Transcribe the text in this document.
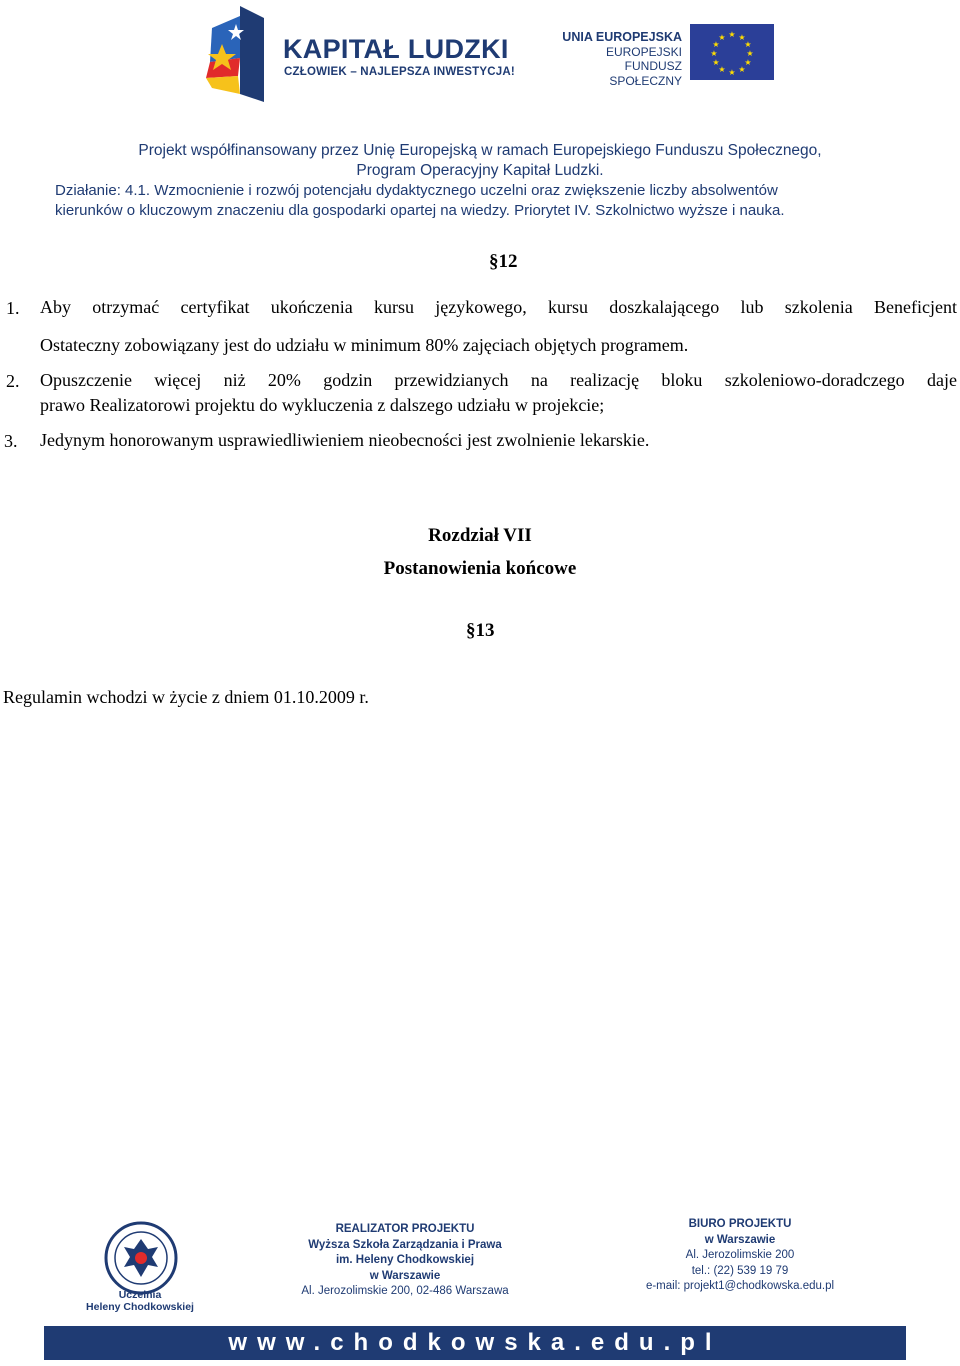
KAPITAŁ LUDZKI
CZŁOWIEK – NAJLEPSZA INWESTYCJA!
UNIA EUROPEJSKA
EUROPEJSKI
FUNDUSZ SPOŁECZNY
★ ★
★
★
★
★
★
★
★
★
★
★
Projekt współfinansowany przez Unię Europejską w ramach Europejskiego Funduszu Społecznego,
Program Operacyjny Kapitał Ludzki.
Działanie: 4.1. Wzmocnienie i rozwój potencjału dydaktycznego uczelni oraz zwiększenie liczby absolwentów
kierunków o kluczowym znaczeniu dla gospodarki opartej na wiedzy. Priorytet IV. Szkolnictwo wyższe i nauka.
§12
1. Aby otrzymać certyfikat ukończenia kursu językowego, kursu doszkalającego lub szkolenia Beneficjent
Ostateczny zobowiązany jest do udziału w minimum 80% zajęciach objętych programem.
2. Opuszczenie więcej niż 20% godzin przewidzianych na realizację bloku szkoleniowo-doradczego daje
prawo Realizatorowi projektu do wykluczenia z dalszego udziału w projekcie;
3. Jedynym honorowanym usprawiedliwieniem nieobecności jest zwolnienie lekarskie.
Rozdział VII
Postanowienia końcowe
§13
Regulamin wchodzi w życie z dniem 01.10.2009 r.
Uczelnia
Heleny Chodkowskiej
REALIZATOR PROJEKTU
Wyższa Szkoła Zarządzania i Prawa
im. Heleny Chodkowskiej
w Warszawie
Al. Jerozolimskie 200, 02-486 Warszawa
BIURO PROJEKTU
w Warszawie
Al. Jerozolimskie 200
tel.: (22) 539 19 79
e-mail: projekt1@chodkowska.edu.pl
www.chodkowska.edu.pl
